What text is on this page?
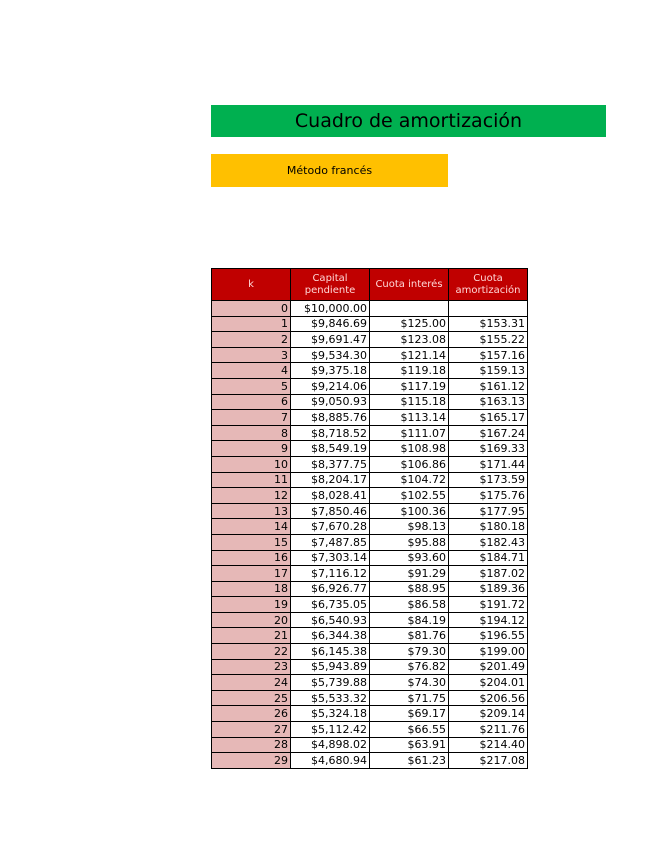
Cuadro de amortización
Método francés
k	Capital pendiente	Cuota interés	Cuota amortización
0	$10,000.00		
1	$9,846.69	$125.00	$153.31
2	$9,691.47	$123.08	$155.22
3	$9,534.30	$121.14	$157.16
4	$9,375.18	$119.18	$159.13
5	$9,214.06	$117.19	$161.12
6	$9,050.93	$115.18	$163.13
7	$8,885.76	$113.14	$165.17
8	$8,718.52	$111.07	$167.24
9	$8,549.19	$108.98	$169.33
10	$8,377.75	$106.86	$171.44
11	$8,204.17	$104.72	$173.59
12	$8,028.41	$102.55	$175.76
13	$7,850.46	$100.36	$177.95
14	$7,670.28	$98.13	$180.18
15	$7,487.85	$95.88	$182.43
16	$7,303.14	$93.60	$184.71
17	$7,116.12	$91.29	$187.02
18	$6,926.77	$88.95	$189.36
19	$6,735.05	$86.58	$191.72
20	$6,540.93	$84.19	$194.12
21	$6,344.38	$81.76	$196.55
22	$6,145.38	$79.30	$199.00
23	$5,943.89	$76.82	$201.49
24	$5,739.88	$74.30	$204.01
25	$5,533.32	$71.75	$206.56
26	$5,324.18	$69.17	$209.14
27	$5,112.42	$66.55	$211.76
28	$4,898.02	$63.91	$214.40
29	$4,680.94	$61.23	$217.08
